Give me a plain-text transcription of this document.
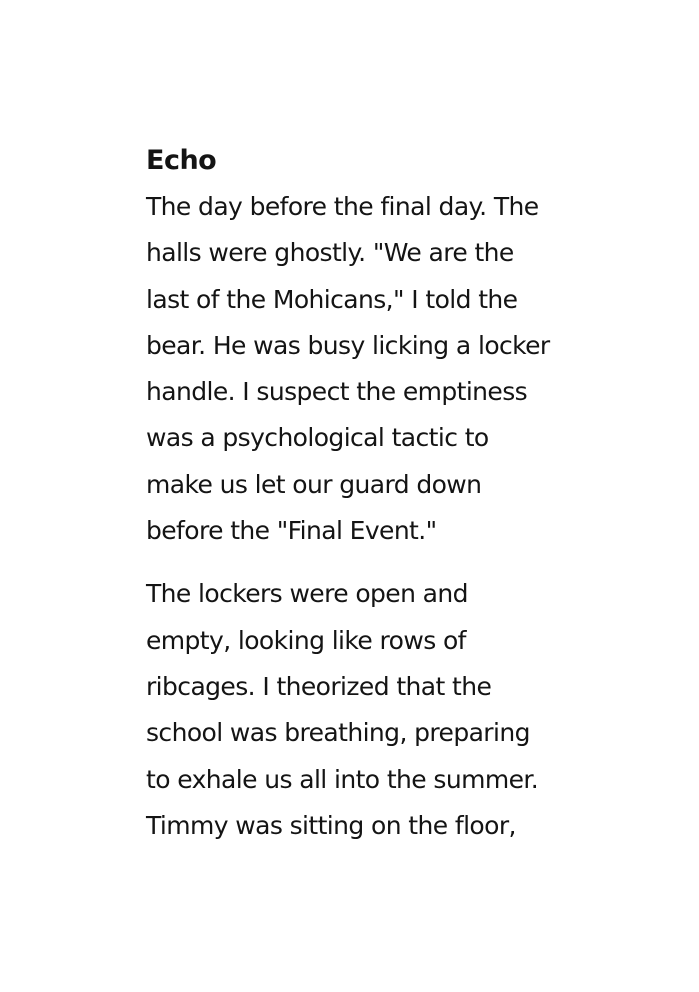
Echo

The day before the final day. The
halls were ghostly. "We are the
last of the Mohicans," I told the
bear. He was busy licking a locker
handle. I suspect the emptiness
was a psychological tactic to
make us let our guard down
before the "Final Event."

The lockers were open and
empty, looking like rows of
ribcages. I theorized that the
school was breathing, preparing
to exhale us all into the summer.
Timmy was sitting on the floor,
